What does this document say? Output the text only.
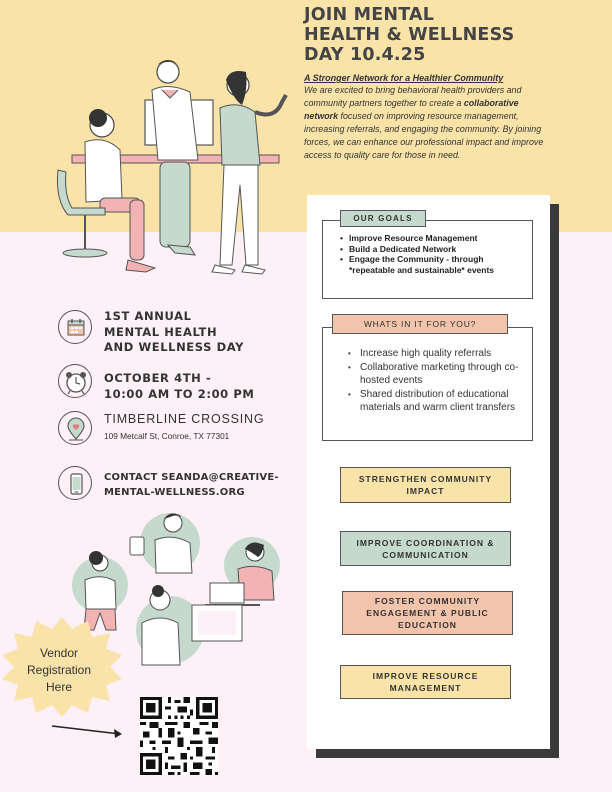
JOIN MENTAL
HEALTH & WELLNESS
DAY 10.4.25
A Stronger Network for a Healthier Community
We are excited to bring behavioral health providers and community partners together to create a collaborative network focused on improving resource management, increasing referrals, and engaging the community. By joining forces, we can enhance our professional impact and improve access to quality care for those in need.
OUR GOALS
• Improve Resource Management
• Build a Dedicated Network
• Engage the Community - through *repeatable and sustainable* events
WHATS IN IT FOR YOU?
• Increase high quality referrals
• Collaborative marketing through co-hosted events
• Shared distribution of educational materials and warm client transfers
STRENGTHEN COMMUNITY IMPACT
IMPROVE COORDINATION & COMMUNICATION
FOSTER COMMUNITY ENGAGEMENT & PUBLIC EDUCATION
IMPROVE RESOURCE MANAGEMENT
1ST ANNUAL
MENTAL HEALTH
AND WELLNESS DAY
OCTOBER 4TH -
10:00 AM TO 2:00 PM
TIMBERLINE CROSSING
109 Metcalf St, Conroe, TX 77301
CONTACT SEANDA@CREATIVE-
MENTAL-WELLNESS.ORG
Vendor
Registration
Here
